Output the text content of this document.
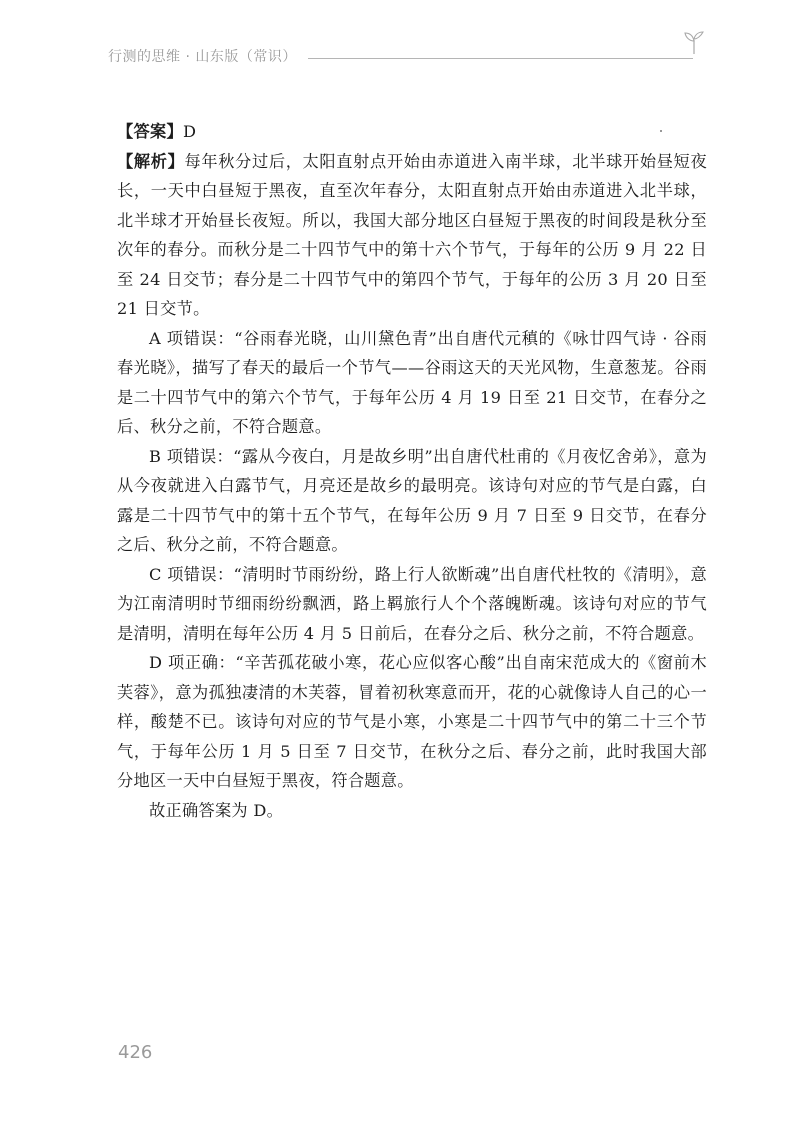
行测的思维 · 山东版（常识）

【答案】D

【解析】每年秋分过后，太阳直射点开始由赤道进入南半球，北半球开始昼短夜长，一天中白昼短于黑夜，直至次年春分，太阳直射点开始由赤道进入北半球，北半球才开始昼长夜短。所以，我国大部分地区白昼短于黑夜的时间段是秋分至次年的春分。而秋分是二十四节气中的第十六个节气，于每年的公历 9 月 22 日至 24 日交节；春分是二十四节气中的第四个节气，于每年的公历 3 月 20 日至 21 日交节。

A 项错误：“谷雨春光晓，山川黛色青”出自唐代元稹的《咏廿四气诗 · 谷雨春光晓》，描写了春天的最后一个节气——谷雨这天的天光风物，生意葱茏。谷雨是二十四节气中的第六个节气，于每年公历 4 月 19 日至 21 日交节，在春分之后、秋分之前，不符合题意。

B 项错误：“露从今夜白，月是故乡明”出自唐代杜甫的《月夜忆舍弟》，意为从今夜就进入白露节气，月亮还是故乡的最明亮。该诗句对应的节气是白露，白露是二十四节气中的第十五个节气，在每年公历 9 月 7 日至 9 日交节，在春分之后、秋分之前，不符合题意。

C 项错误：“清明时节雨纷纷，路上行人欲断魂”出自唐代杜牧的《清明》，意为江南清明时节细雨纷纷飘洒，路上羁旅行人个个落魄断魂。该诗句对应的节气是清明，清明在每年公历 4 月 5 日前后，在春分之后、秋分之前，不符合题意。

D 项正确：“辛苦孤花破小寒，花心应似客心酸”出自南宋范成大的《窗前木芙蓉》，意为孤独凄清的木芙蓉，冒着初秋寒意而开，花的心就像诗人自己的心一样，酸楚不已。该诗句对应的节气是小寒，小寒是二十四节气中的第二十三个节气，于每年公历 1 月 5 日至 7 日交节，在秋分之后、春分之前，此时我国大部分地区一天中白昼短于黑夜，符合题意。

故正确答案为 D。

426
